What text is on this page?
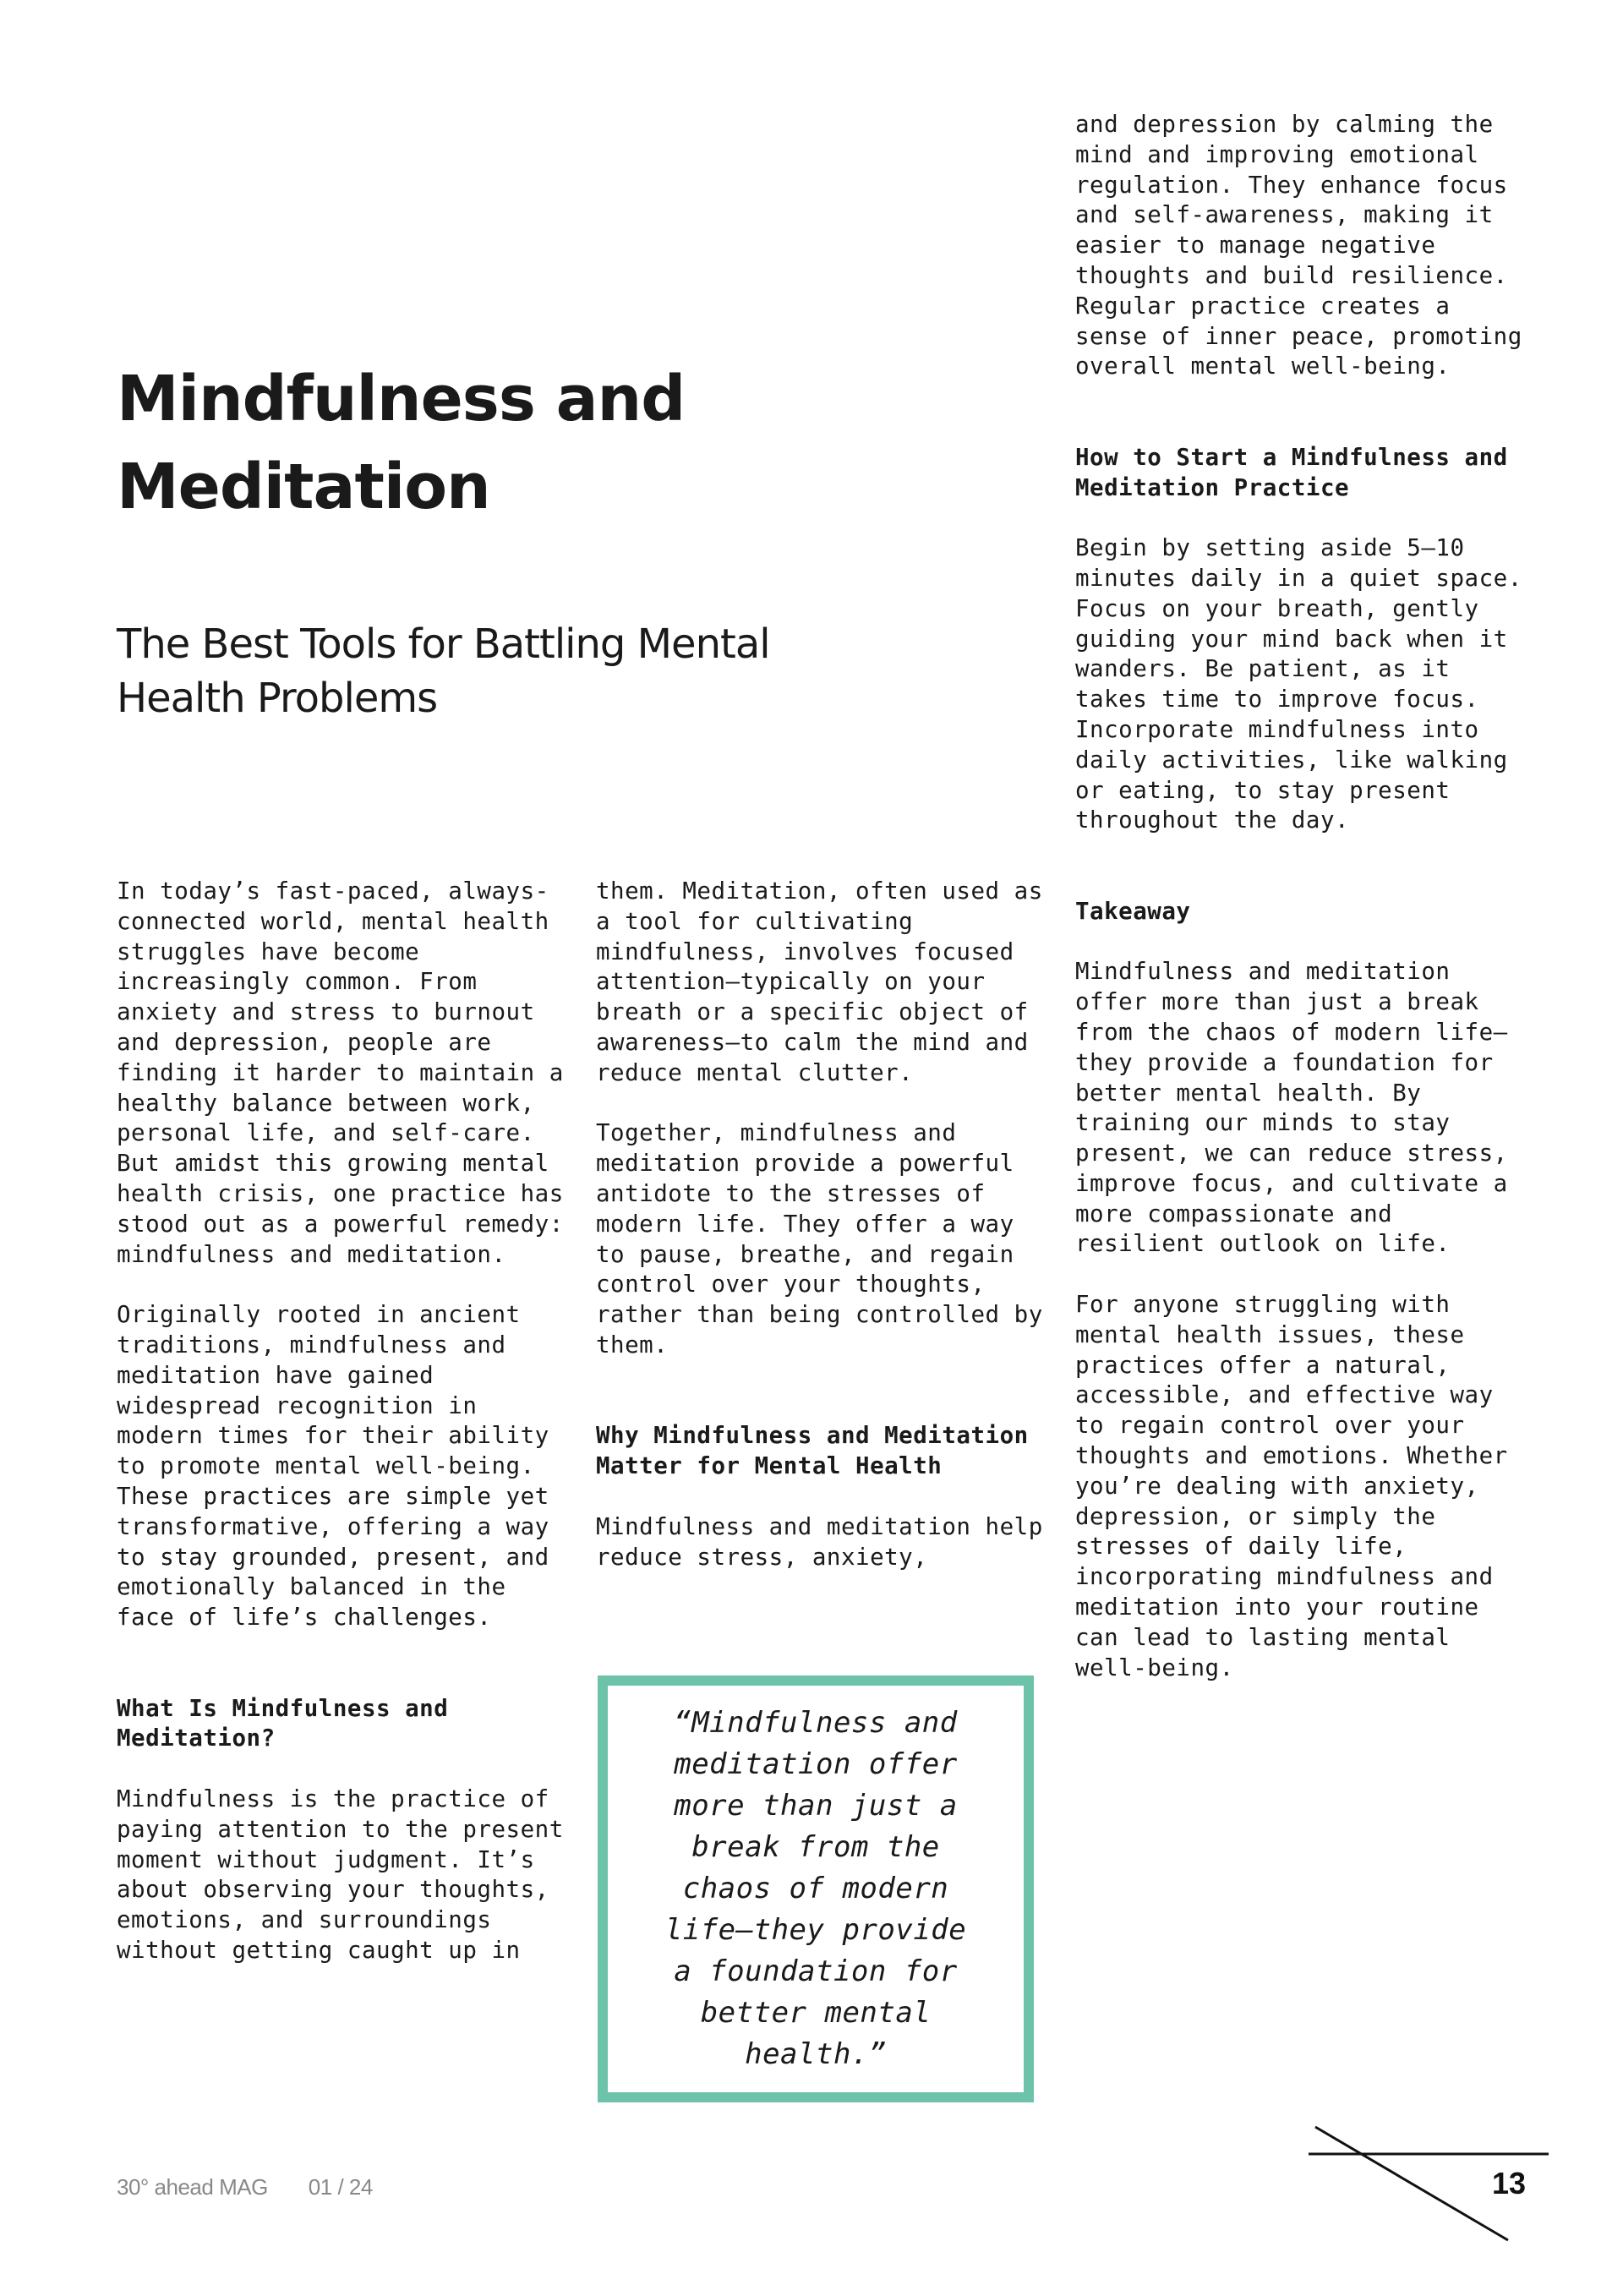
Mindfulness and Meditation
The Best Tools for Battling Mental Health Problems

In today’s fast-paced, always-connected world, mental health struggles have become increasingly common. From anxiety and stress to burnout and depression, people are finding it harder to maintain a healthy balance between work, personal life, and self-care. But amidst this growing mental health crisis, one practice has stood out as a powerful remedy: mindfulness and meditation.

Originally rooted in ancient traditions, mindfulness and meditation have gained widespread recognition in modern times for their ability to promote mental well-being. These practices are simple yet transformative, offering a way to stay grounded, present, and emotionally balanced in the face of life’s challenges.

What Is Mindfulness and Meditation?

Mindfulness is the practice of paying attention to the present moment without judgment. It’s about observing your thoughts, emotions, and surroundings without getting caught up in

them. Meditation, often used as a tool for cultivating mindfulness, involves focused attention—typically on your breath or a specific object of awareness—to calm the mind and reduce mental clutter.

Together, mindfulness and meditation provide a powerful antidote to the stresses of modern life. They offer a way to pause, breathe, and regain control over your thoughts, rather than being controlled by them.

Why Mindfulness and Meditation Matter for Mental Health

Mindfulness and meditation help reduce stress, anxiety,

“Mindfulness and meditation offer more than just a break from the chaos of modern life—they provide a foundation for better mental health.”

and depression by calming the mind and improving emotional regulation. They enhance focus and self-awareness, making it easier to manage negative thoughts and build resilience. Regular practice creates a sense of inner peace, promoting overall mental well-being.

How to Start a Mindfulness and Meditation Practice

Begin by setting aside 5–10 minutes daily in a quiet space. Focus on your breath, gently guiding your mind back when it wanders. Be patient, as it takes time to improve focus. Incorporate mindfulness into daily activities, like walking or eating, to stay present throughout the day.

Takeaway

Mindfulness and meditation offer more than just a break from the chaos of modern life—they provide a foundation for better mental health. By training our minds to stay present, we can reduce stress, improve focus, and cultivate a more compassionate and resilient outlook on life.

For anyone struggling with mental health issues, these practices offer a natural, accessible, and effective way to regain control over your thoughts and emotions. Whether you’re dealing with anxiety, depression, or simply the stresses of daily life, incorporating mindfulness and meditation into your routine can lead to lasting mental well-being.

30° ahead MAG 01 / 24	13
